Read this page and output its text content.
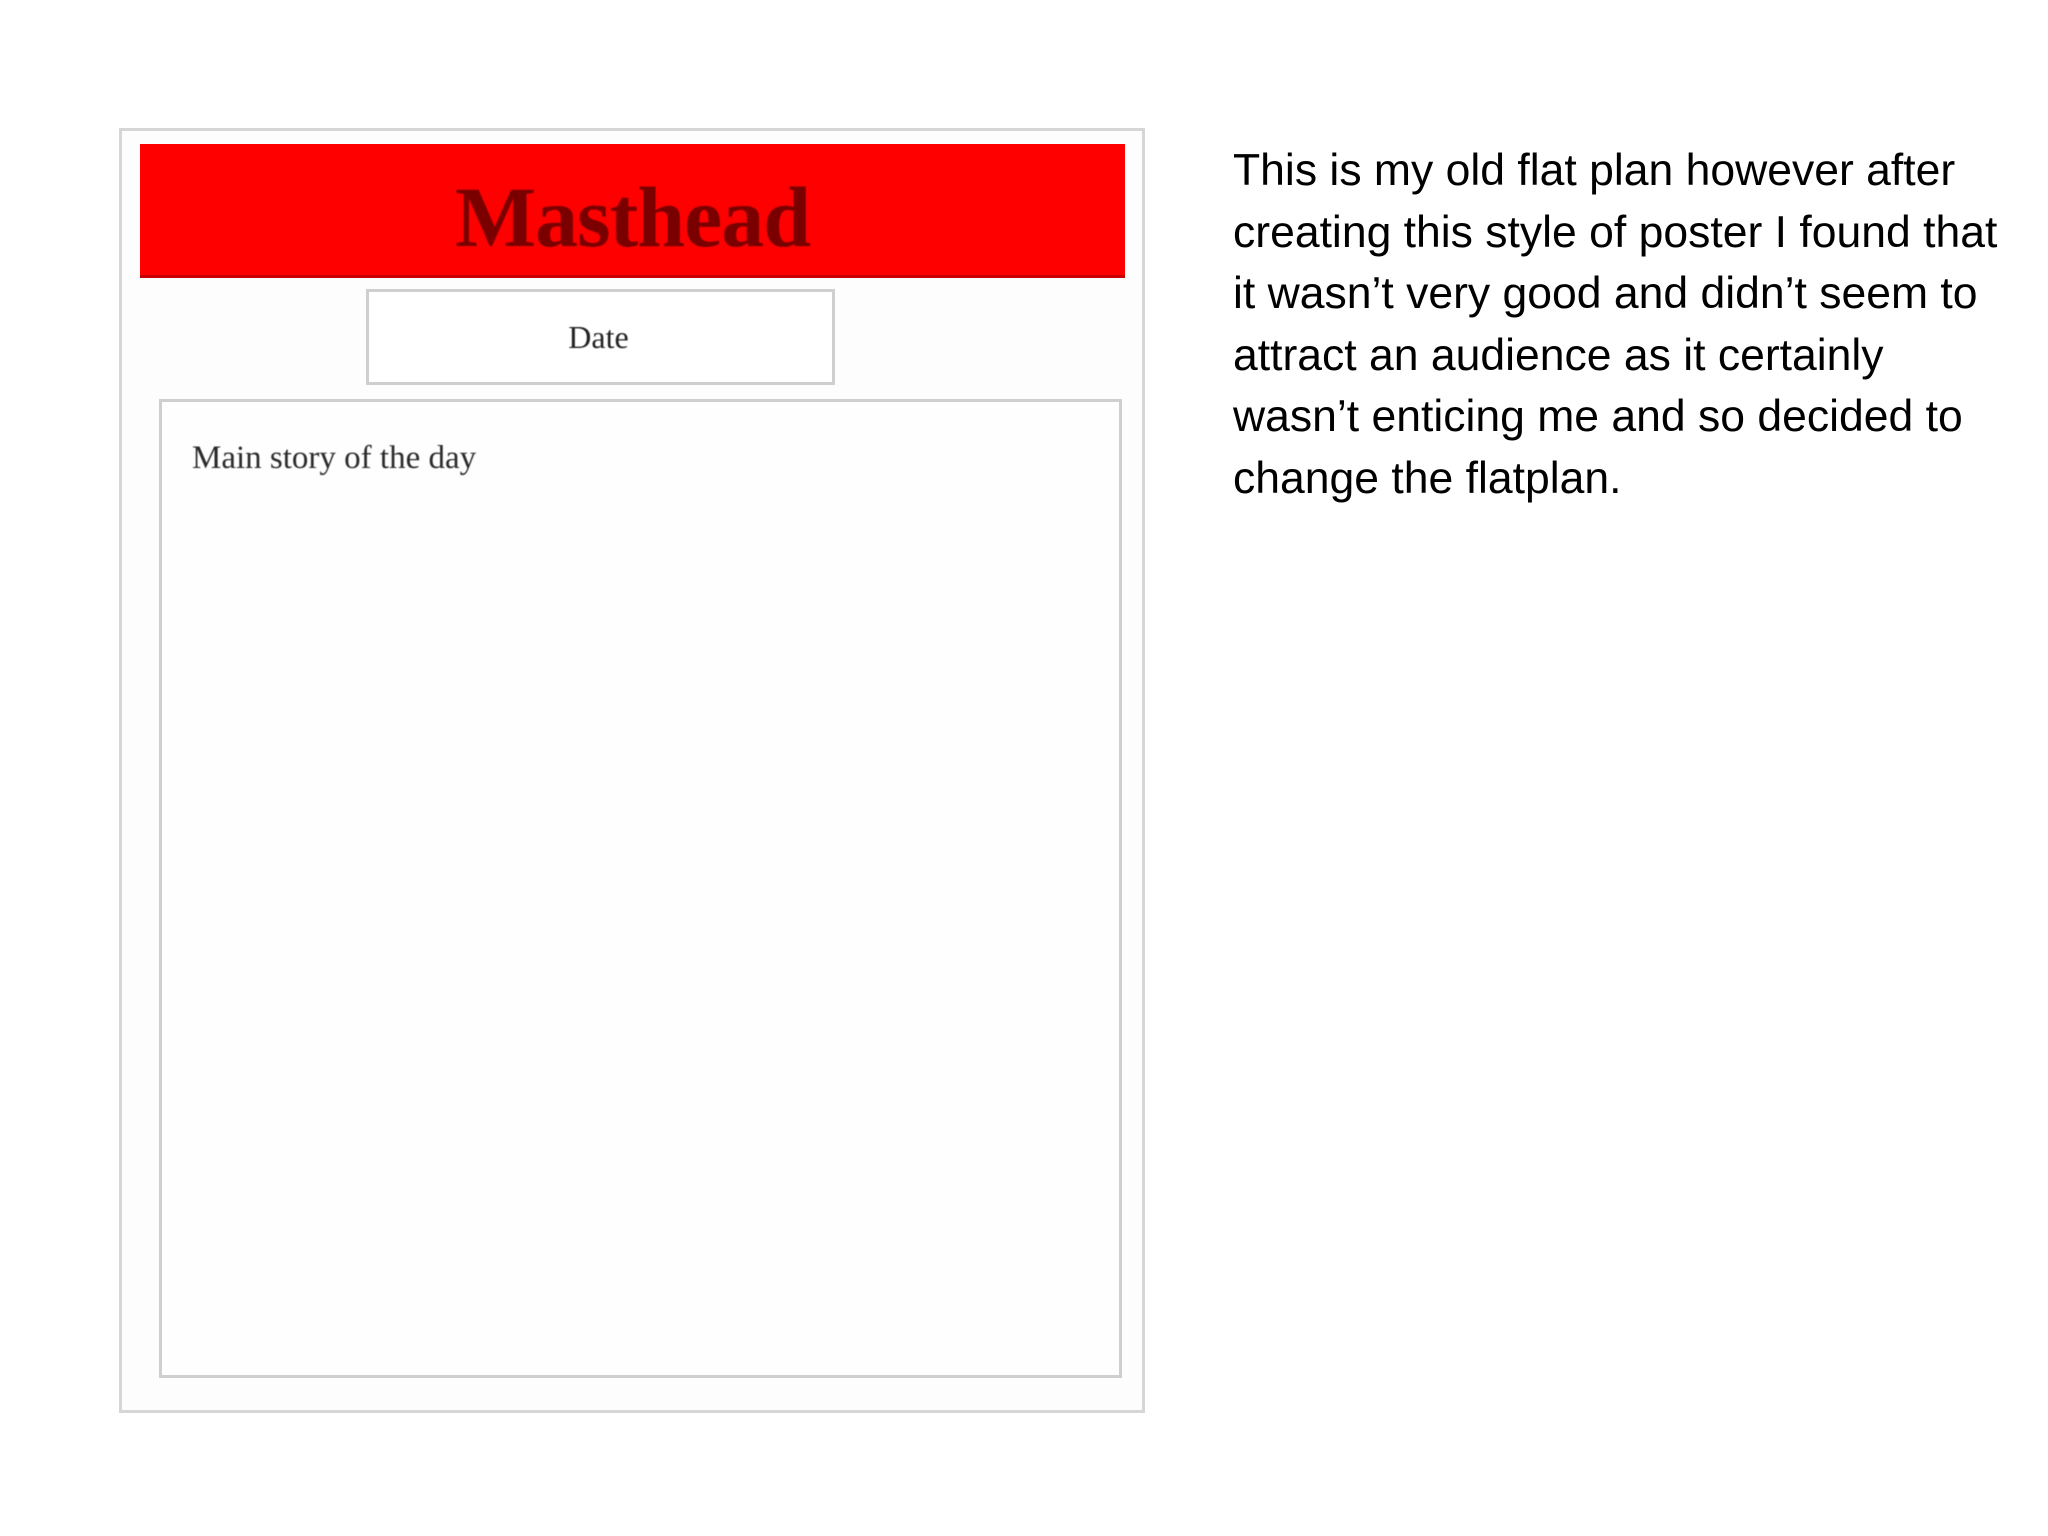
Masthead
Date
Main story of the day

This is my old flat plan however after creating this style of poster I found that it wasn’t very good and didn’t seem to attract an audience as it certainly wasn’t enticing me and so decided to change the flatplan.
